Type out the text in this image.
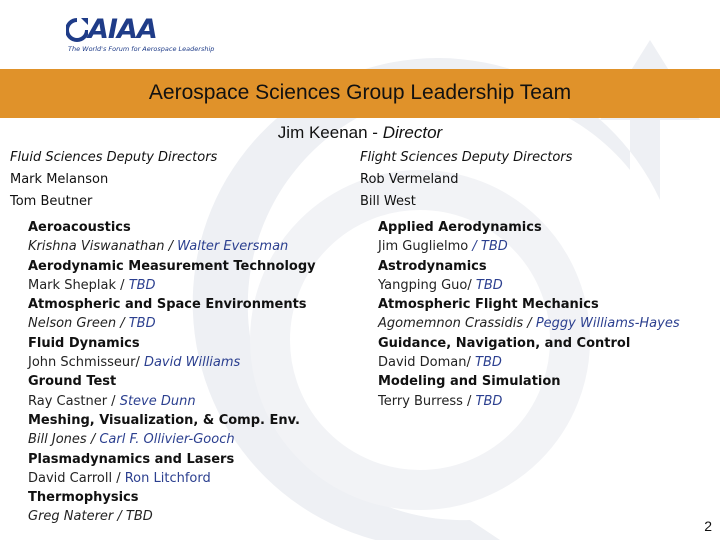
AIAA
The World's Forum for Aerospace Leadership
Aerospace Sciences Group Leadership Team
Jim Keenan - Director
Fluid Sciences Deputy Directors
Mark Melanson
Tom Beutner
Flight Sciences Deputy Directors
Rob Vermeland
Bill West
Aeroacoustics
Krishna Viswanathan / Walter Eversman
Aerodynamic Measurement Technology
Mark Sheplak / TBD
Atmospheric and Space Environments
Nelson Green / TBD
Fluid Dynamics
John Schmisseur/ David Williams
Ground Test
Ray Castner / Steve Dunn
Meshing, Visualization, & Comp. Env.
Bill Jones / Carl F. Ollivier-Gooch
Plasmadynamics and Lasers
David Carroll / Ron Litchford
Thermophysics
Greg Naterer / TBD
Applied Aerodynamics
Jim Guglielmo / TBD
Astrodynamics
Yangping Guo/ TBD
Atmospheric Flight Mechanics
Agomemnon Crassidis / Peggy Williams-Hayes
Guidance, Navigation, and Control
David Doman/ TBD
Modeling and Simulation
Terry Burress / TBD
2
